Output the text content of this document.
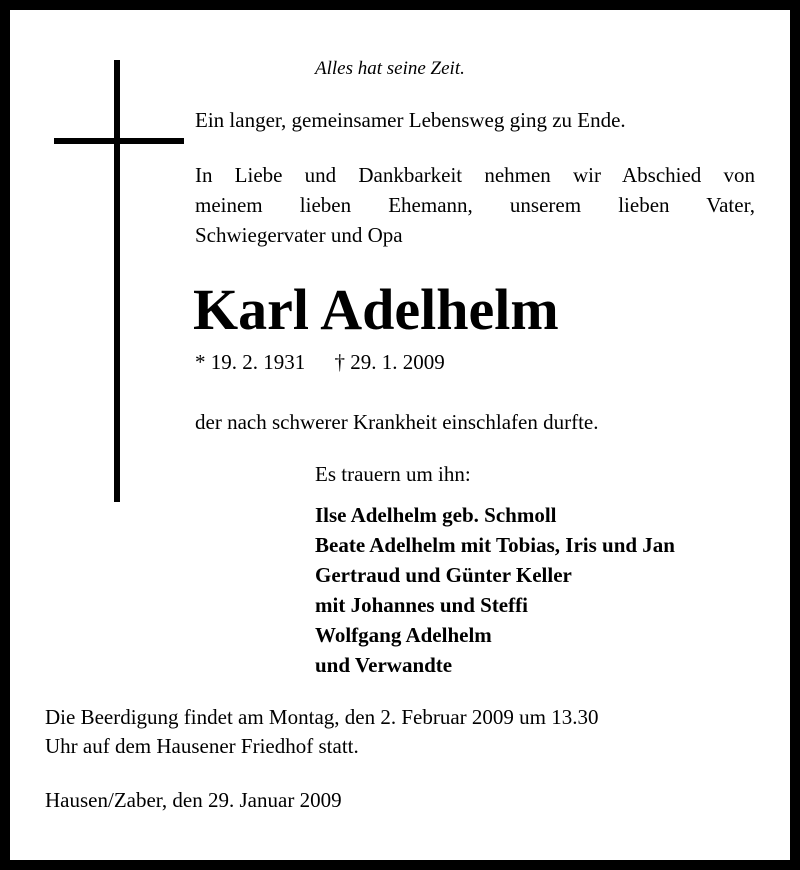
Alles hat seine Zeit.

Ein langer, gemeinsamer Lebensweg ging zu Ende.

In Liebe und Dankbarkeit nehmen wir Abschied von
meinem lieben Ehemann, unserem lieben Vater,
Schwiegervater und Opa
Karl Adelhelm
* 19. 2. 1931 † 29. 1. 2009

der nach schwerer Krankheit einschlafen durfte.

Es trauern um ihn:

Ilse Adelhelm geb. Schmoll
Beate Adelhelm mit Tobias, Iris und Jan
Gertraud und Günter Keller
mit Johannes und Steffi
Wolfgang Adelhelm
und Verwandte
Die Beerdigung findet am Montag, den 2. Februar 2009 um 13.30
Uhr auf dem Hausener Friedhof statt.

Hausen/Zaber, den 29. Januar 2009
